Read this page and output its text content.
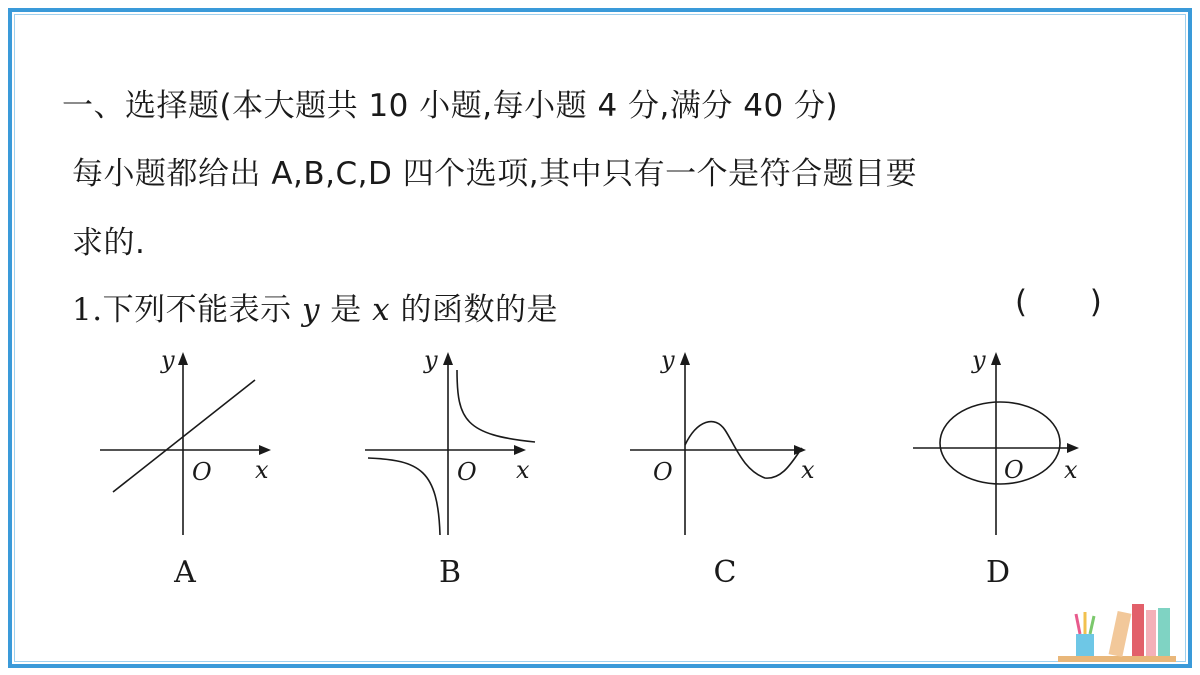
一、选择题(本大题共 10 小题,每小题 4 分,满分 40 分)
每小题都给出 A,B,C,D 四个选项,其中只有一个是符合题目要
求的.
1.下列不能表示 y 是 x 的函数的是	(      )
y
x
O
A
y
x
O
B
y
x
O
C
y
x
O
D
